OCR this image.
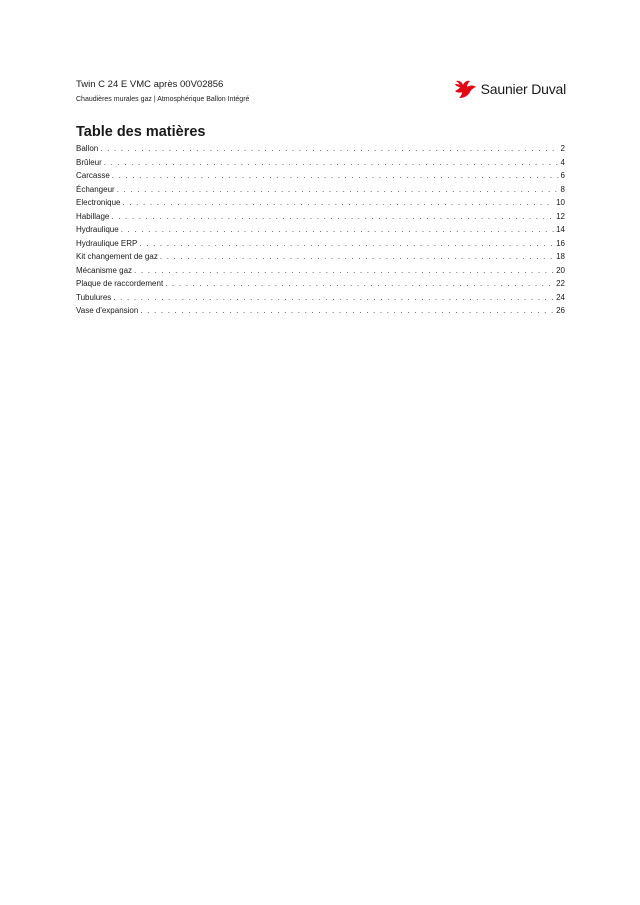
Twin C 24 E VMC après 00V02856
Chaudières murales gaz | Atmosphérique Ballon Intégré
Saunier Duval
Table des matières
Ballon . . .	2
Brûleur . . .	4
Carcasse . . .	6
Échangeur . . .	8
Electronique . . .	10
Habillage . . .	12
Hydraulique . . .	14
Hydraulique ERP . . .	16
Kit changement de gaz . . .	18
Mécanisme gaz . . .	20
Plaque de raccordement . . .	22
Tubulures . . .	24
Vase d'expansion . . .	26
